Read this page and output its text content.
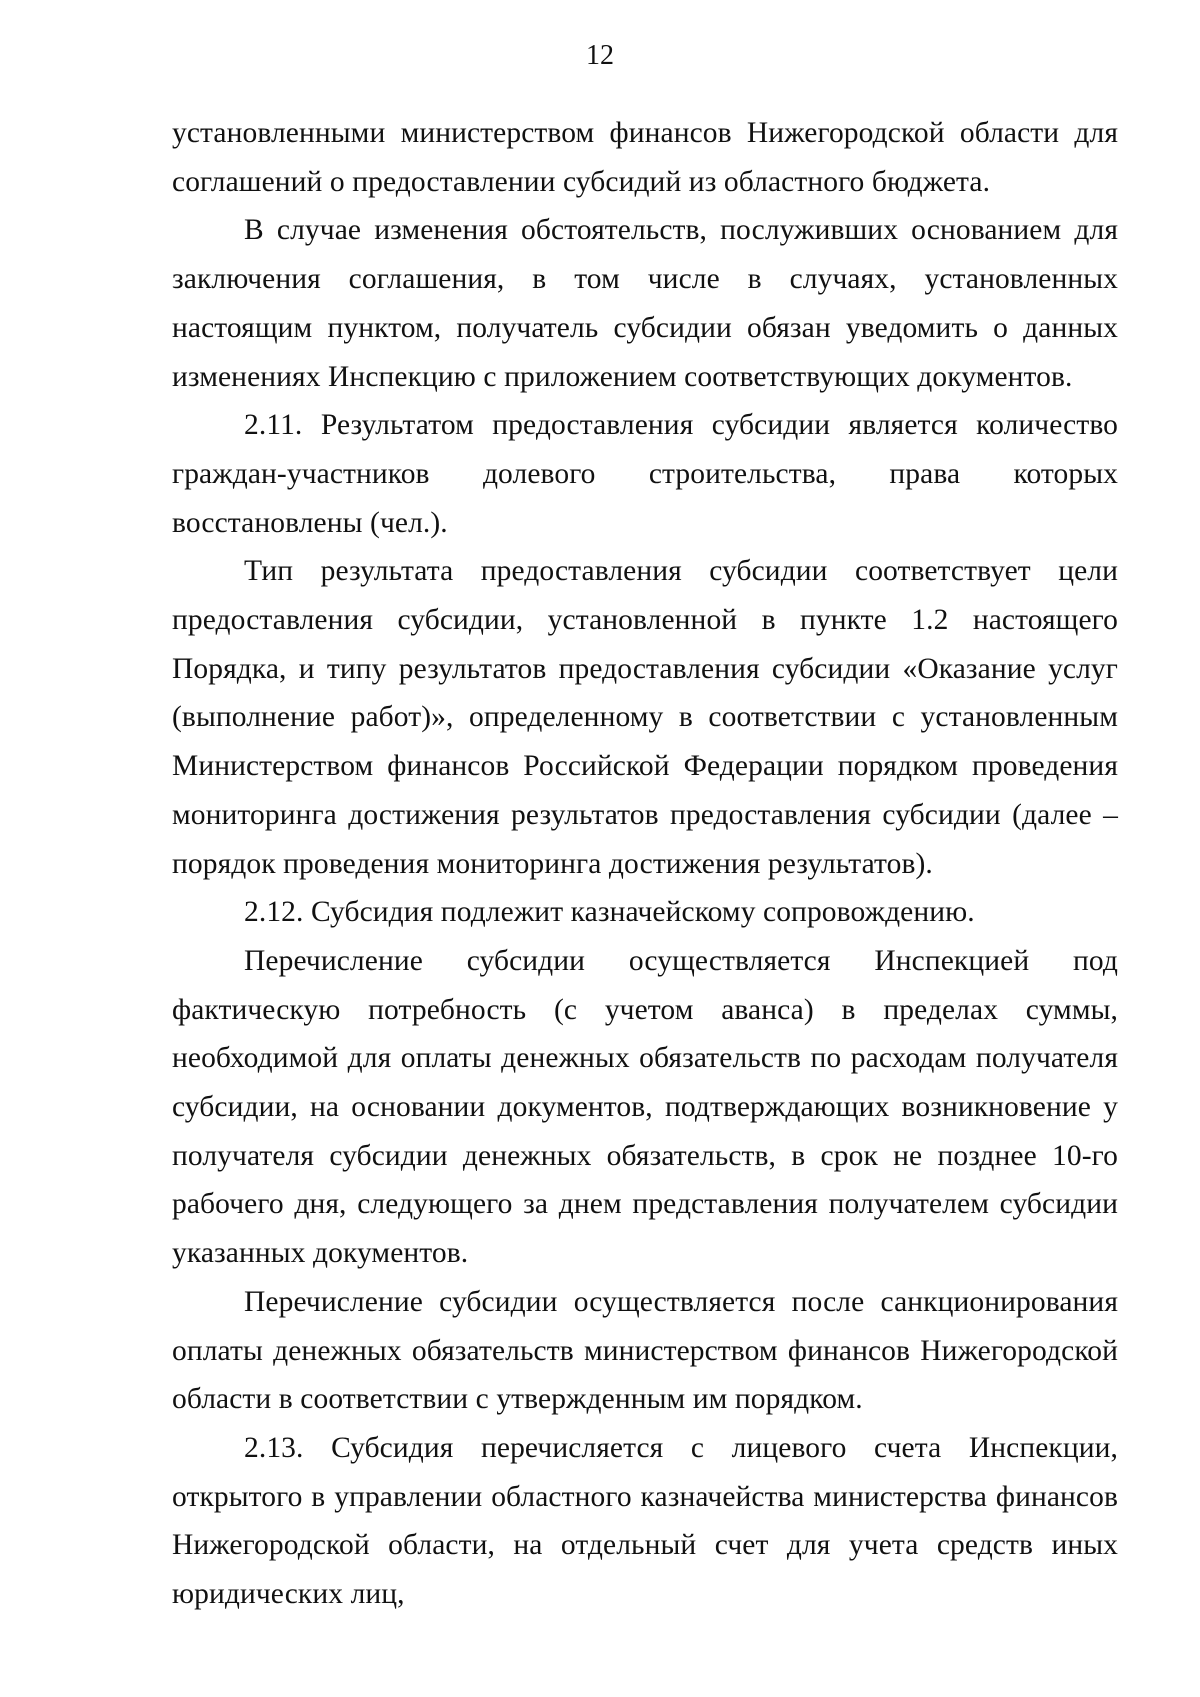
12

установленными министерством финансов Нижегородской области для соглашений о предоставлении субсидий из областного бюджета.

В случае изменения обстоятельств, послуживших основанием для заключения соглашения, в том числе в случаях, установленных настоящим пунктом, получатель субсидии обязан уведомить о данных изменениях Инспекцию с приложением соответствующих документов.

2.11. Результатом предоставления субсидии является количество граждан-участников долевого строительства, права которых восстановлены (чел.).

Тип результата предоставления субсидии соответствует цели предоставления субсидии, установленной в пункте 1.2 настоящего Порядка, и типу результатов предоставления субсидии «Оказание услуг (выполнение работ)», определенному в соответствии с установленным Министерством финансов Российской Федерации порядком проведения мониторинга достижения результатов предоставления субсидии (далее – порядок проведения мониторинга достижения результатов).

2.12. Субсидия подлежит казначейскому сопровождению.

Перечисление субсидии осуществляется Инспекцией под фактическую потребность (с учетом аванса) в пределах суммы, необходимой для оплаты денежных обязательств по расходам получателя субсидии, на основании документов, подтверждающих возникновение у получателя субсидии денежных обязательств, в срок не позднее 10-го рабочего дня, следующего за днем представления получателем субсидии указанных документов.

Перечисление субсидии осуществляется после санкционирования оплаты денежных обязательств министерством финансов Нижегородской области в соответствии с утвержденным им порядком.

2.13. Субсидия перечисляется с лицевого счета Инспекции, открытого в управлении областного казначейства министерства финансов Нижегородской области, на отдельный счет для учета средств иных юридических лиц,
